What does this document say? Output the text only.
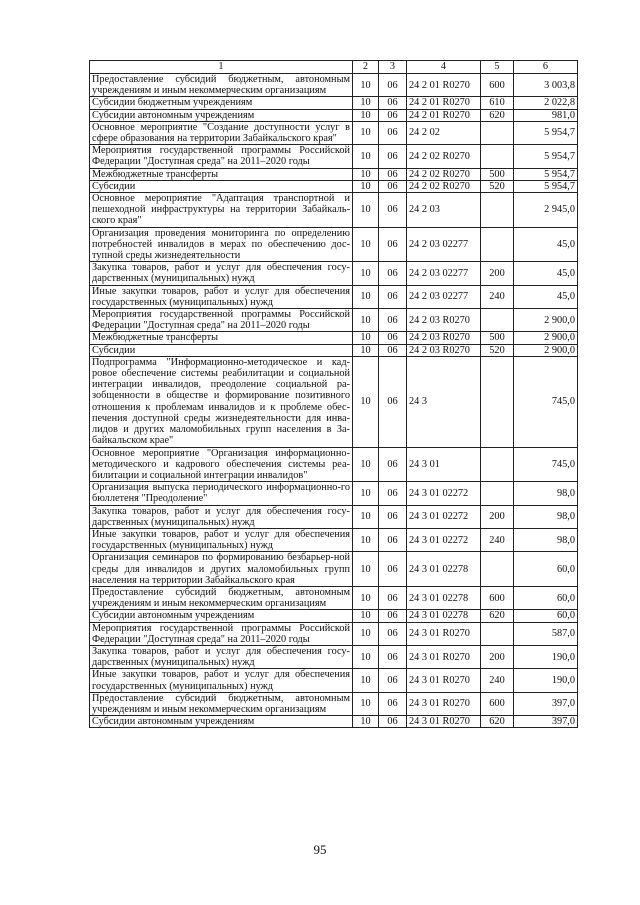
1	2	3	4	5	6
Предоставление субсидий бюджетным, автономным учреждениям и иным некоммерческим организациям	10	06	24 2 01 R0270	600	3 003,8
Субсидии бюджетным учреждениям	10	06	24 2 01 R0270	610	2 022,8
Субсидии автономным учреждениям	10	06	24 2 01 R0270	620	981,0
Основное мероприятие "Создание доступности услуг в сфере образования на территории Забайкальского края"	10	06	24 2 02		5 954,7
Мероприятия государственной программы Российской Федерации "Доступная среда" на 2011–2020 годы	10	06	24 2 02 R0270		5 954,7
Межбюджетные трансферты	10	06	24 2 02 R0270	500	5 954,7
Субсидии	10	06	24 2 02 R0270	520	5 954,7
Основное мероприятие "Адаптация транспортной и пешеходной инфраструктуры на территории Забайкаль-ского края"	10	06	24 2 03		2 945,0
Организация проведения мониторинга по определению потребностей инвалидов в мерах по обеспечению дос-тупной среды жизнедеятельности	10	06	24 2 03 02277		45,0
Закупка товаров, работ и услуг для обеспечения госу-дарственных (муниципальных) нужд	10	06	24 2 03 02277	200	45,0
Иные закупки товаров, работ и услуг для обеспечения государственных (муниципальных) нужд	10	06	24 2 03 02277	240	45,0
Мероприятия государственной программы Российской Федерации "Доступная среда" на 2011–2020 годы	10	06	24 2 03 R0270		2 900,0
Межбюджетные трансферты	10	06	24 2 03 R0270	500	2 900,0
Субсидии	10	06	24 2 03 R0270	520	2 900,0
Подпрограмма "Информационно-методическое и кад-ровое обеспечение системы реабилитации и социальной интеграции инвалидов, преодоление социальной ра-зобщенности в обществе и формирование позитивного отношения к проблемам инвалидов и к проблеме обес-печения доступной среды жизнедеятельности для инва-лидов и других маломобильных групп населения в За-байкальском крае"	10	06	24 3		745,0
Основное мероприятие "Организация информационно-методического и кадрового обеспечения системы реа-билитации и социальной интеграции инвалидов"	10	06	24 3 01		745,0
Организация выпуска периодического информационно-го бюллетеня "Преодоление"	10	06	24 3 01 02272		98,0
Закупка товаров, работ и услуг для обеспечения госу-дарственных (муниципальных) нужд	10	06	24 3 01 02272	200	98,0
Иные закупки товаров, работ и услуг для обеспечения государственных (муниципальных) нужд	10	06	24 3 01 02272	240	98,0
Организация семинаров по формированию безбарьер-ной среды для инвалидов и других маломобильных групп населения на территории Забайкальского края	10	06	24 3 01 02278		60,0
Предоставление субсидий бюджетным, автономным учреждениям и иным некоммерческим организациям	10	06	24 3 01 02278	600	60,0
Субсидии автономным учреждениям	10	06	24 3 01 02278	620	60,0
Мероприятия государственной программы Российской Федерации "Доступная среда" на 2011–2020 годы	10	06	24 3 01 R0270		587,0
Закупка товаров, работ и услуг для обеспечения госу-дарственных (муниципальных) нужд	10	06	24 3 01 R0270	200	190,0
Иные закупки товаров, работ и услуг для обеспечения государственных (муниципальных) нужд	10	06	24 3 01 R0270	240	190,0
Предоставление субсидий бюджетным, автономным учреждениям и иным некоммерческим организациям	10	06	24 3 01 R0270	600	397,0
Субсидии автономным учреждениям	10	06	24 3 01 R0270	620	397,0
95
